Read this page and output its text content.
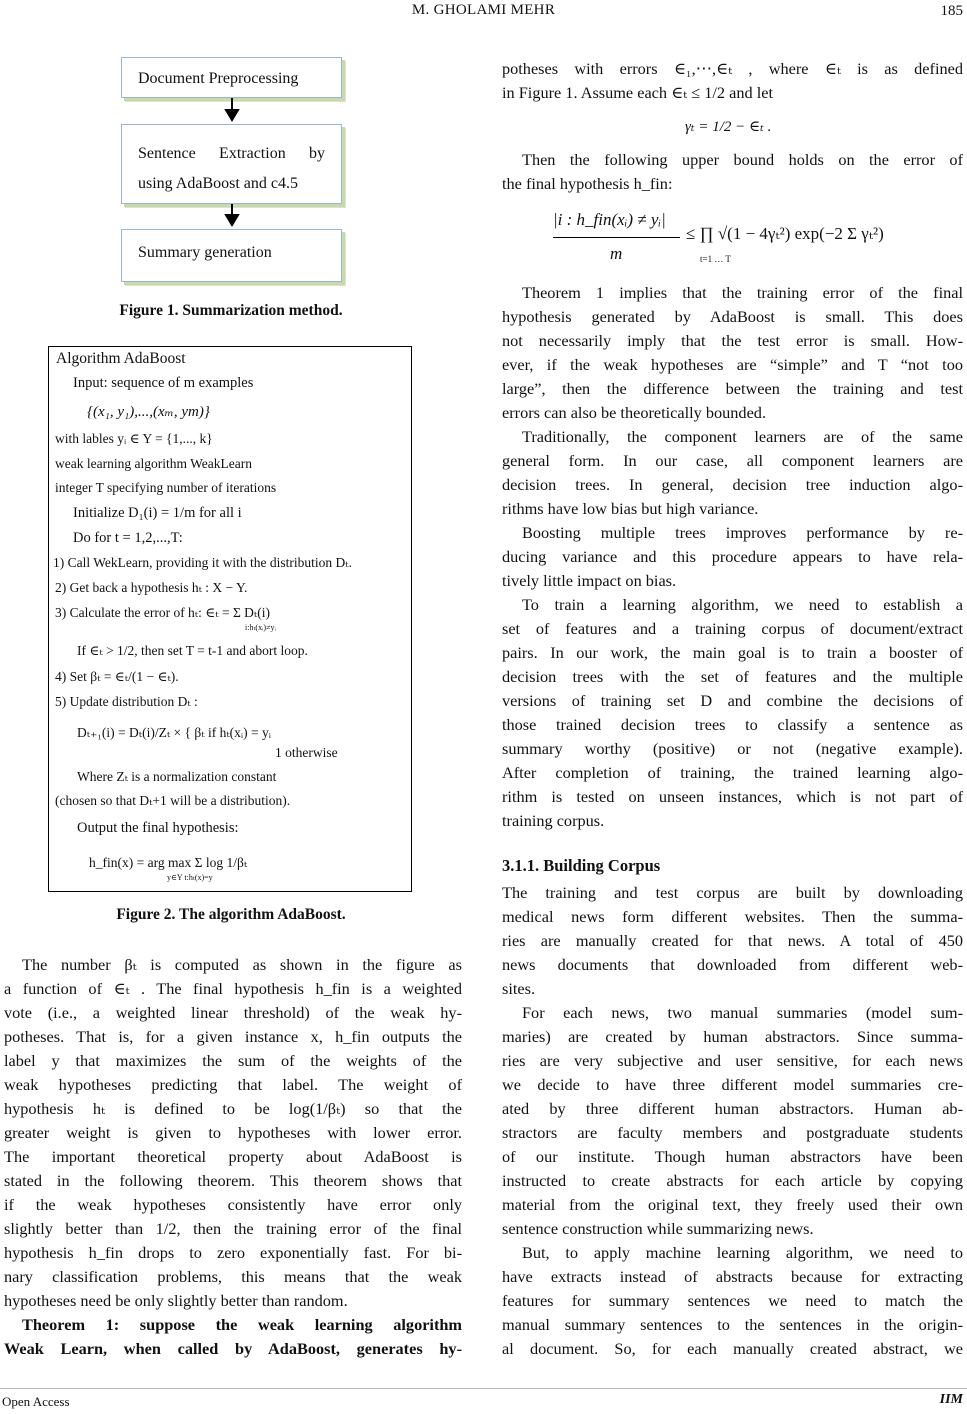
M. GHOLAMI MEHR	185
Document Preprocessing
Sentence Extraction by
using AdaBoost and c4.5
Summary generation
Figure 1. Summarization method.
Algorithm AdaBoost
Input: sequence of m examples
{(x₁, y₁),...,(xₘ, ym)}
with lables yᵢ ∈ Y = {1,..., k}
weak learning algorithm WeakLearn
integer T specifying number of iterations
Initialize D₁(i) = 1/m for all i
Do for t = 1,2,...,T:
1) Call WekLearn, providing it with the distribution Dₜ.
2) Get back a hypothesis hₜ : X − Y.
3) Calculate the error of hₜ: ∈ₜ = Σ Dₜ(i)
i:hₜ(xᵢ)≠yᵢ
If ∈ₜ > 1/2, then set T = t-1 and abort loop.
4) Set βₜ = ∈ₜ/(1 − ∈ₜ).
5) Update distribution Dₜ :
Dₜ₊₁(i) = Dₜ(i)/Zₜ × { βₜ if hₜ(xᵢ) = yᵢ
1 otherwise
Where Zₜ is a normalization constant
(chosen so that Dₜ+1 will be a distribution).
Output the final hypothesis:
h_fin(x) = arg max Σ log 1/βₜ
y∈Y t:hₜ(x)=y
Figure 2. The algorithm AdaBoost.
The number βₜ is computed as shown in the figure as
a function of ∈ₜ . The final hypothesis h_fin is a weighted
vote (i.e., a weighted linear threshold) of the weak hy-
potheses. That is, for a given instance x, h_fin outputs the
label y that maximizes the sum of the weights of the
weak hypotheses predicting that label. The weight of
hypothesis hₜ is defined to be log(1/βₜ) so that the
greater weight is given to hypotheses with lower error.
The important theoretical property about AdaBoost is
stated in the following theorem. This theorem shows that
if the weak hypotheses consistently have error only
slightly better than 1/2, then the training error of the final
hypothesis h_fin drops to zero exponentially fast. For bi-
nary classification problems, this means that the weak
hypotheses need be only slightly better than random.
Theorem 1: suppose the weak learning algorithm
Weak Learn, when called by AdaBoost, generates hy-
potheses with errors ∈₁,⋯,∈ₜ , where ∈ₜ is as defined
in Figure 1. Assume each ∈ₜ ≤ 1/2 and let
γₜ = 1/2 − ∈ₜ .
Then the following upper bound holds on the error of
the final hypothesis h_fin:
|i : h_fin(xᵢ) ≠ yᵢ|
m
≤ ∏ √(1 − 4γₜ²) exp(−2 Σ γₜ²)
t=1 … T
Theorem 1 implies that the training error of the final
hypothesis generated by AdaBoost is small. This does
not necessarily imply that the test error is small. How-
ever, if the weak hypotheses are “simple” and T “not too
large”, then the difference between the training and test
errors can also be theoretically bounded.
Traditionally, the component learners are of the same
general form. In our case, all component learners are
decision trees. In general, decision tree induction algo-
rithms have low bias but high variance.
Boosting multiple trees improves performance by re-
ducing variance and this procedure appears to have rela-
tively little impact on bias.
To train a learning algorithm, we need to establish a
set of features and a training corpus of document/extract
pairs. In our work, the main goal is to train a booster of
decision trees with the set of features and the multiple
versions of training set D and combine the decisions of
those trained decision trees to classify a sentence as
summary worthy (positive) or not (negative example).
After completion of training, the trained learning algo-
rithm is tested on unseen instances, which is not part of
training corpus.
3.1.1. Building Corpus
The training and test corpus are built by downloading
medical news form different websites. Then the summa-
ries are manually created for that news. A total of 450
news documents that downloaded from different web-
sites.
For each news, two manual summaries (model sum-
maries) are created by human abstractors. Since summa-
ries are very subjective and user sensitive, for each news
we decide to have three different model summaries cre-
ated by three different human abstractors. Human ab-
stractors are faculty members and postgraduate students
of our institute. Though human abstractors have been
instructed to create abstracts for each article by copying
material from the original text, they freely used their own
sentence construction while summarizing news.
But, to apply machine learning algorithm, we need to
have extracts instead of abstracts because for extracting
features for summary sentences we need to match the
manual summary sentences to the sentences in the origin-
al document. So, for each manually created abstract, we
Open Access	IIM
